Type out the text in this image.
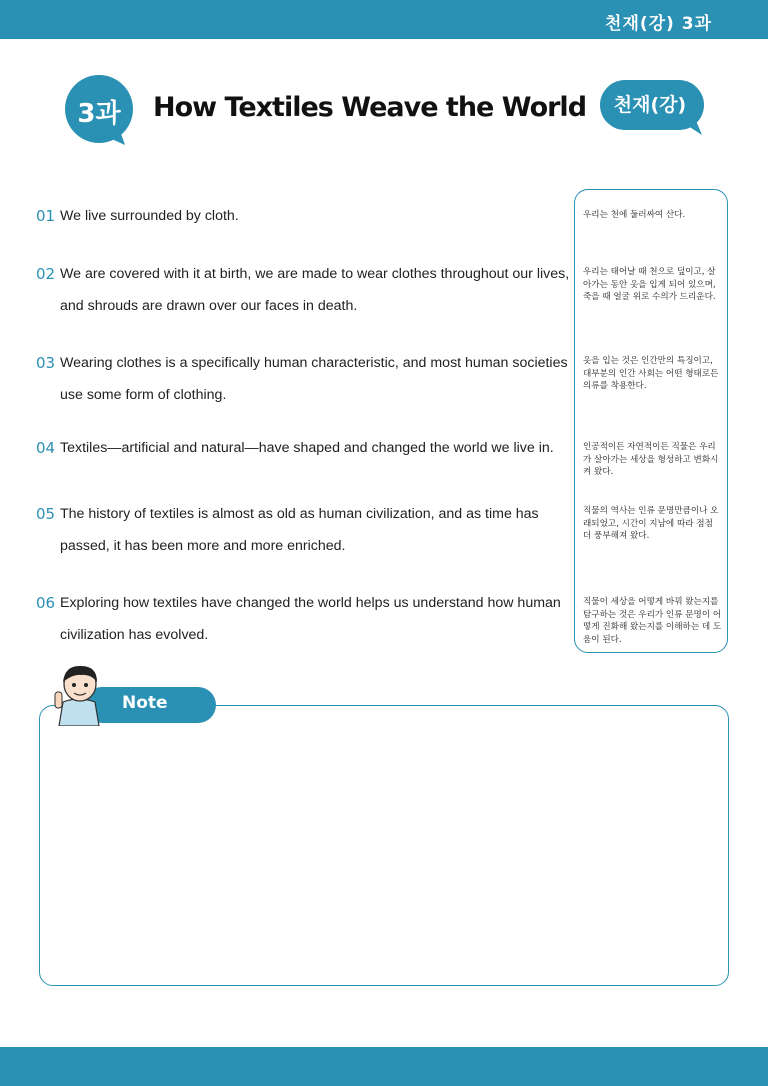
천재(강) 3과
3과	How Textiles Weave the World	천재(강)
01 We live surrounded by cloth.

02 We are covered with it at birth, we are made to wear clothes throughout our lives, and shrouds are drawn over our faces in death.

03 Wearing clothes is a specifically human characteristic, and most human societies use some form of clothing.

04 Textiles—artificial and natural—have shaped and changed the world we live in.

05 The history of textiles is almost as old as human civilization, and as time has passed, it has been more and more enriched.

06 Exploring how textiles have changed the world helps us understand how human civilization has evolved.

우리는 천에 둘러싸여 산다.

우리는 태어날 때 천으로 덮이고, 살아가는 동안 옷을 입게 되어 있으며, 죽을 때 얼굴 위로 수의가 드리운다.

옷을 입는 것은 인간만의 특징이고, 대부분의 인간 사회는 어떤 형태로든 의류를 착용한다.

인공적이든 자연적이든 직물은 우리가 살아가는 세상을 형성하고 변화시켜 왔다.

직물의 역사는 인류 문명만큼이나 오래되었고, 시간이 지남에 따라 점점 더 풍부해져 왔다.

직물이 세상을 어떻게 바꿔 왔는지를 탐구하는 것은 우리가 인류 문명이 어떻게 진화해 왔는지를 이해하는 데 도움이 된다.

Note
